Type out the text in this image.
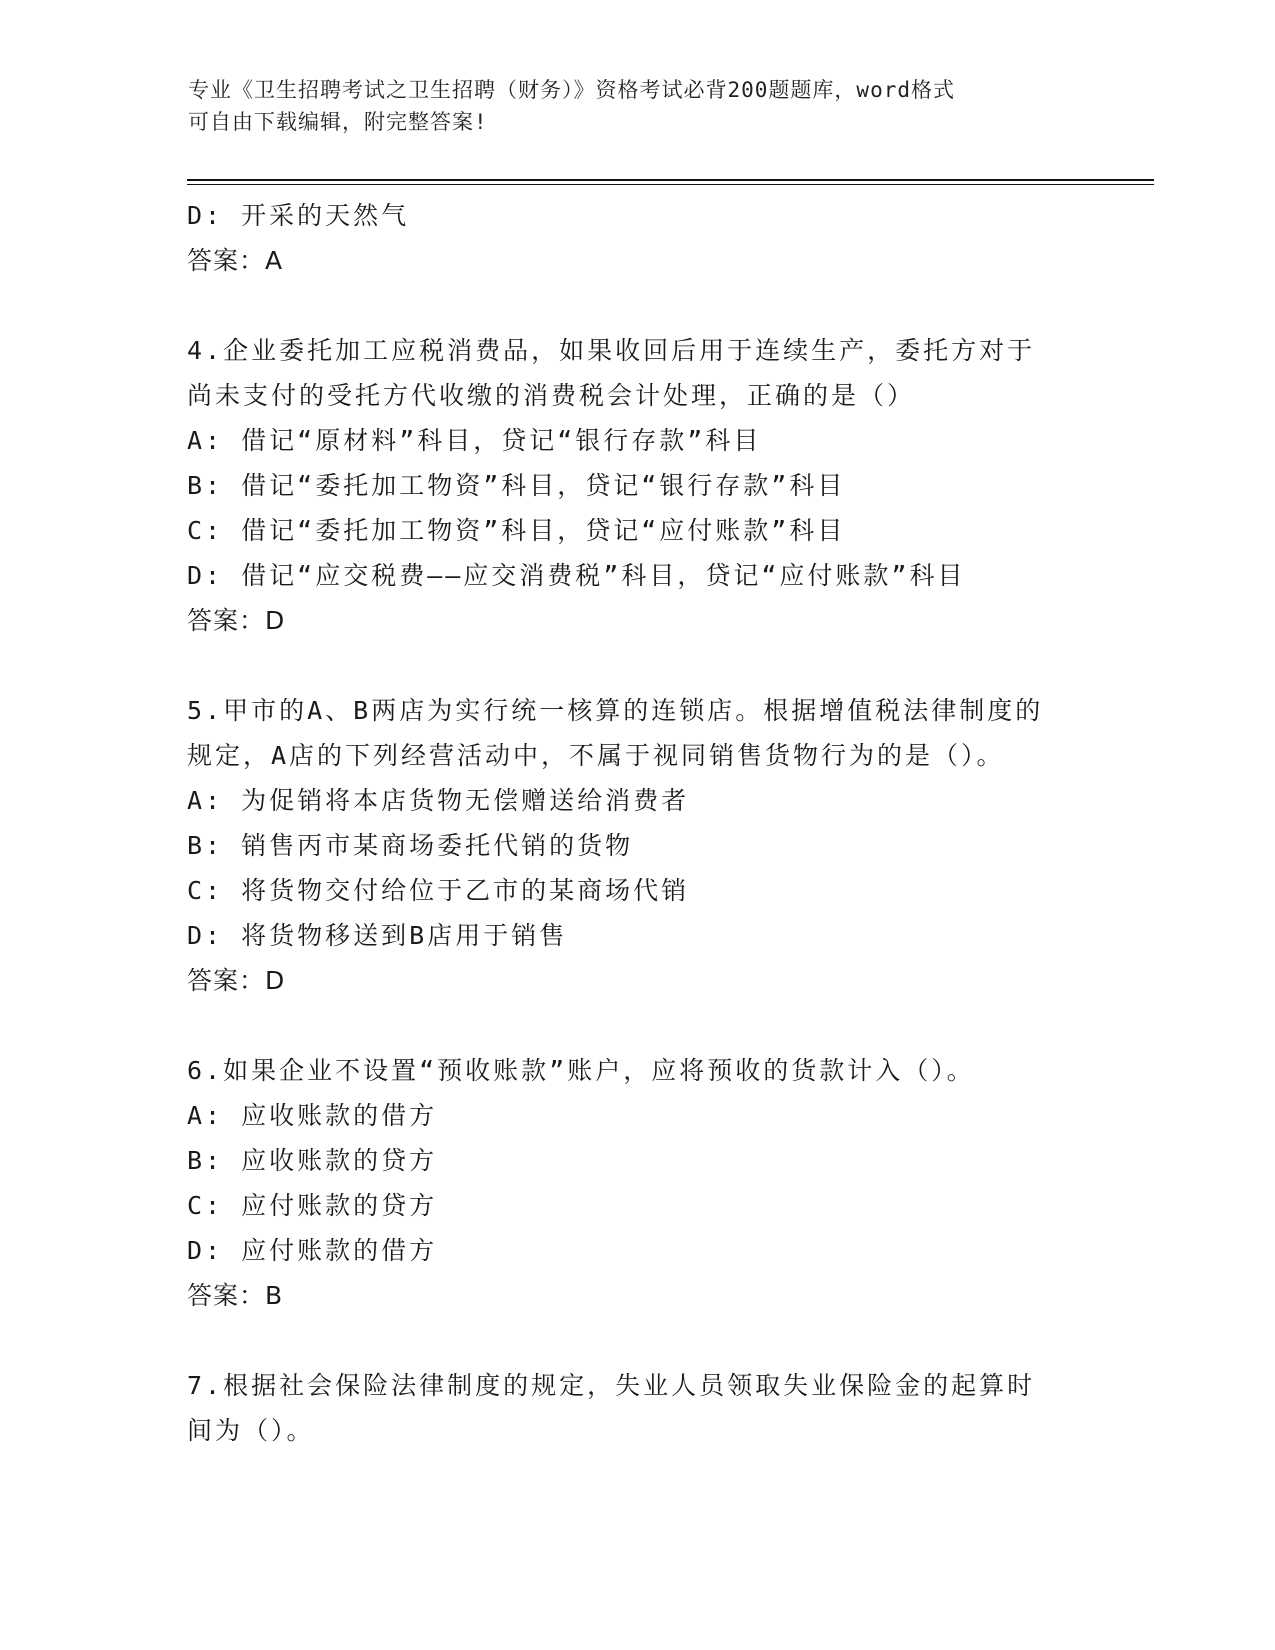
专业《卫生招聘考试之卫生招聘（财务）》资格考试必背200题题库，word格式
可自由下载编辑，附完整答案!
D: 开采的天然气
答案：A
4.企业委托加工应税消费品，如果收回后用于连续生产，委托方对于
尚未支付的受托方代收缴的消费税会计处理，正确的是（）
A: 借记“原材料”科目，贷记“银行存款”科目
B: 借记“委托加工物资”科目，贷记“银行存款”科目
C: 借记“委托加工物资”科目，贷记“应付账款”科目
D: 借记“应交税费——应交消费税”科目，贷记“应付账款”科目
答案：D
5.甲市的A、B两店为实行统一核算的连锁店。根据增值税法律制度的
规定，A店的下列经营活动中，不属于视同销售货物行为的是（）。
A: 为促销将本店货物无偿赠送给消费者
B: 销售丙市某商场委托代销的货物
C: 将货物交付给位于乙市的某商场代销
D: 将货物移送到B店用于销售
答案：D
6.如果企业不设置“预收账款”账户，应将预收的货款计入（）。
A: 应收账款的借方
B: 应收账款的贷方
C: 应付账款的贷方
D: 应付账款的借方
答案：B
7.根据社会保险法律制度的规定，失业人员领取失业保险金的起算时
间为（）。
